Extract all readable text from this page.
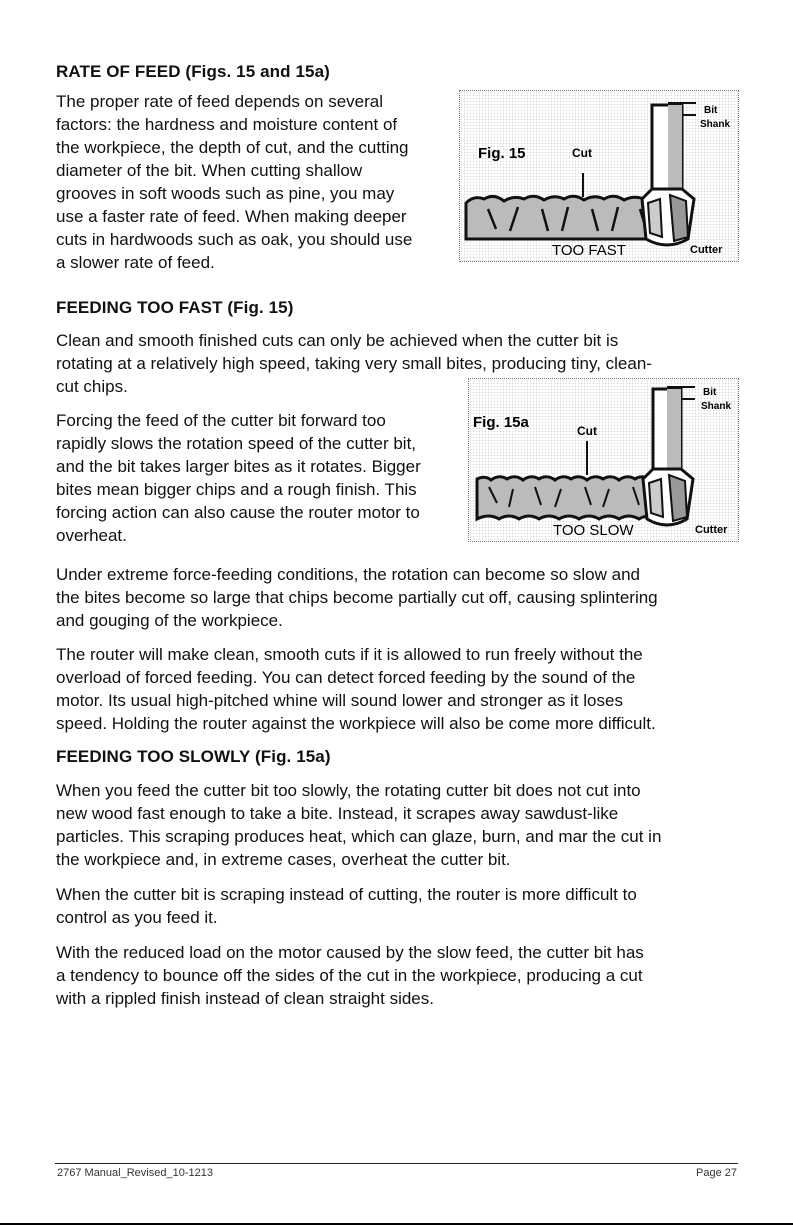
RATE OF FEED (Figs. 15 and 15a)

The proper rate of feed depends on several

factors: the hardness and moisture content of

the workpiece, the depth of cut, and the cutting

diameter of the bit. When cutting shallow

grooves in soft woods such as pine, you may

use a faster rate of feed. When making deeper

cuts in hardwoods such as oak, you should use

a slower rate of feed.

Fig. 15	Cut
Bit
Shank
TOO FAST	Cutter
FEEDING TOO FAST (Fig. 15)

Clean and smooth finished cuts can only be achieved when the cutter bit is

rotating at a relatively high speed, taking very small bites, producing tiny, clean-

cut chips.

Forcing the feed of the cutter bit forward too

rapidly slows the rotation speed of the cutter bit,

and the bit takes larger bites as it rotates. Bigger

bites mean bigger chips and a rough finish. This

forcing action can also cause the router motor to

overheat.

Fig. 15a	Cut
Bit
Shank
TOO SLOW	Cutter

Under extreme force-feeding conditions, the rotation can become so slow and

the bites become so large that chips become partially cut off, causing splintering

and gouging of the workpiece.

The router will make clean, smooth cuts if it is allowed to run freely without the

overload of forced feeding. You can detect forced feeding by the sound of the

motor. Its usual high-pitched whine will sound lower and stronger as it loses

speed. Holding the router against the workpiece will also be come more difficult.

FEEDING TOO SLOWLY (Fig. 15a)

When you feed the cutter bit too slowly, the rotating cutter bit does not cut into

new wood fast enough to take a bite. Instead, it scrapes away sawdust-like

particles. This scraping produces heat, which can glaze, burn, and mar the cut in

the workpiece and, in extreme cases, overheat the cutter bit.

When the cutter bit is scraping instead of cutting, the router is more difficult to

control as you feed it.

With the reduced load on the motor caused by the slow feed, the cutter bit has

a tendency to bounce off the sides of the cut in the workpiece, producing a cut

with a rippled finish instead of clean straight sides.

2767 Manual_Revised_10-1213	Page 27
